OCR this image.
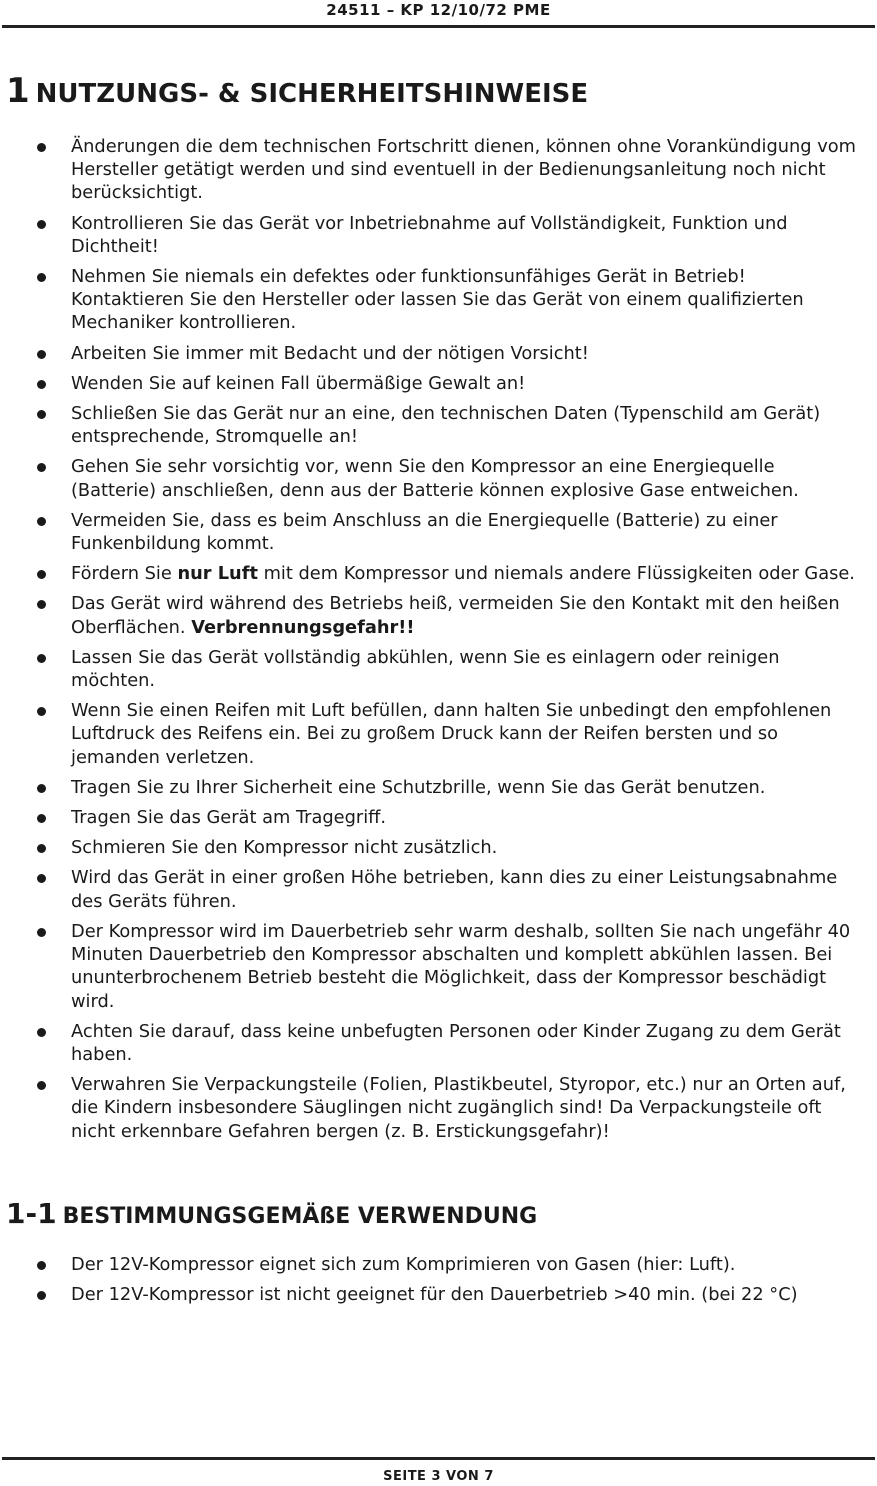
24511 – KP 12/10/72 PME
1 NUTZUNGS- & SICHERHEITSHINWEISE
Änderungen die dem technischen Fortschritt dienen, können ohne Vorankündigung vom Hersteller getätigt werden und sind eventuell in der Bedienungsanleitung noch nicht berücksichtigt.
Kontrollieren Sie das Gerät vor Inbetriebnahme auf Vollständigkeit, Funktion und Dichtheit!
Nehmen Sie niemals ein defektes oder funktionsunfähiges Gerät in Betrieb! Kontaktieren Sie den Hersteller oder lassen Sie das Gerät von einem qualifizierten Mechaniker kontrollieren.
Arbeiten Sie immer mit Bedacht und der nötigen Vorsicht!
Wenden Sie auf keinen Fall übermäßige Gewalt an!
Schließen Sie das Gerät nur an eine, den technischen Daten (Typenschild am Gerät) entsprechende, Stromquelle an!
Gehen Sie sehr vorsichtig vor, wenn Sie den Kompressor an eine Energiequelle (Batterie) anschließen, denn aus der Batterie können explosive Gase entweichen.
Vermeiden Sie, dass es beim Anschluss an die Energiequelle (Batterie) zu einer Funkenbildung kommt.
Fördern Sie nur Luft mit dem Kompressor und niemals andere Flüssigkeiten oder Gase.
Das Gerät wird während des Betriebs heiß, vermeiden Sie den Kontakt mit den heißen Oberflächen. Verbrennungsgefahr!!
Lassen Sie das Gerät vollständig abkühlen, wenn Sie es einlagern oder reinigen möchten.
Wenn Sie einen Reifen mit Luft befüllen, dann halten Sie unbedingt den empfohlenen Luftdruck des Reifens ein. Bei zu großem Druck kann der Reifen bersten und so jemanden verletzen.
Tragen Sie zu Ihrer Sicherheit eine Schutzbrille, wenn Sie das Gerät benutzen.
Tragen Sie das Gerät am Tragegriff.
Schmieren Sie den Kompressor nicht zusätzlich.
Wird das Gerät in einer großen Höhe betrieben, kann dies zu einer Leistungsabnahme des Geräts führen.
Der Kompressor wird im Dauerbetrieb sehr warm deshalb, sollten Sie nach ungefähr 40 Minuten Dauerbetrieb den Kompressor abschalten und komplett abkühlen lassen. Bei ununterbrochenem Betrieb besteht die Möglichkeit, dass der Kompressor beschädigt wird.
Achten Sie darauf, dass keine unbefugten Personen oder Kinder Zugang zu dem Gerät haben.
Verwahren Sie Verpackungsteile (Folien, Plastikbeutel, Styropor, etc.) nur an Orten auf, die Kindern insbesondere Säuglingen nicht zugänglich sind! Da Verpackungsteile oft nicht erkennbare Gefahren bergen (z. B. Erstickungsgefahr)!
1-1 BESTIMMUNGSGEMÄßE VERWENDUNG
Der 12V-Kompressor eignet sich zum Komprimieren von Gasen (hier: Luft).
Der 12V-Kompressor ist nicht geeignet für den Dauerbetrieb >40 min. (bei 22 °C)
SEITE 3 VON 7
